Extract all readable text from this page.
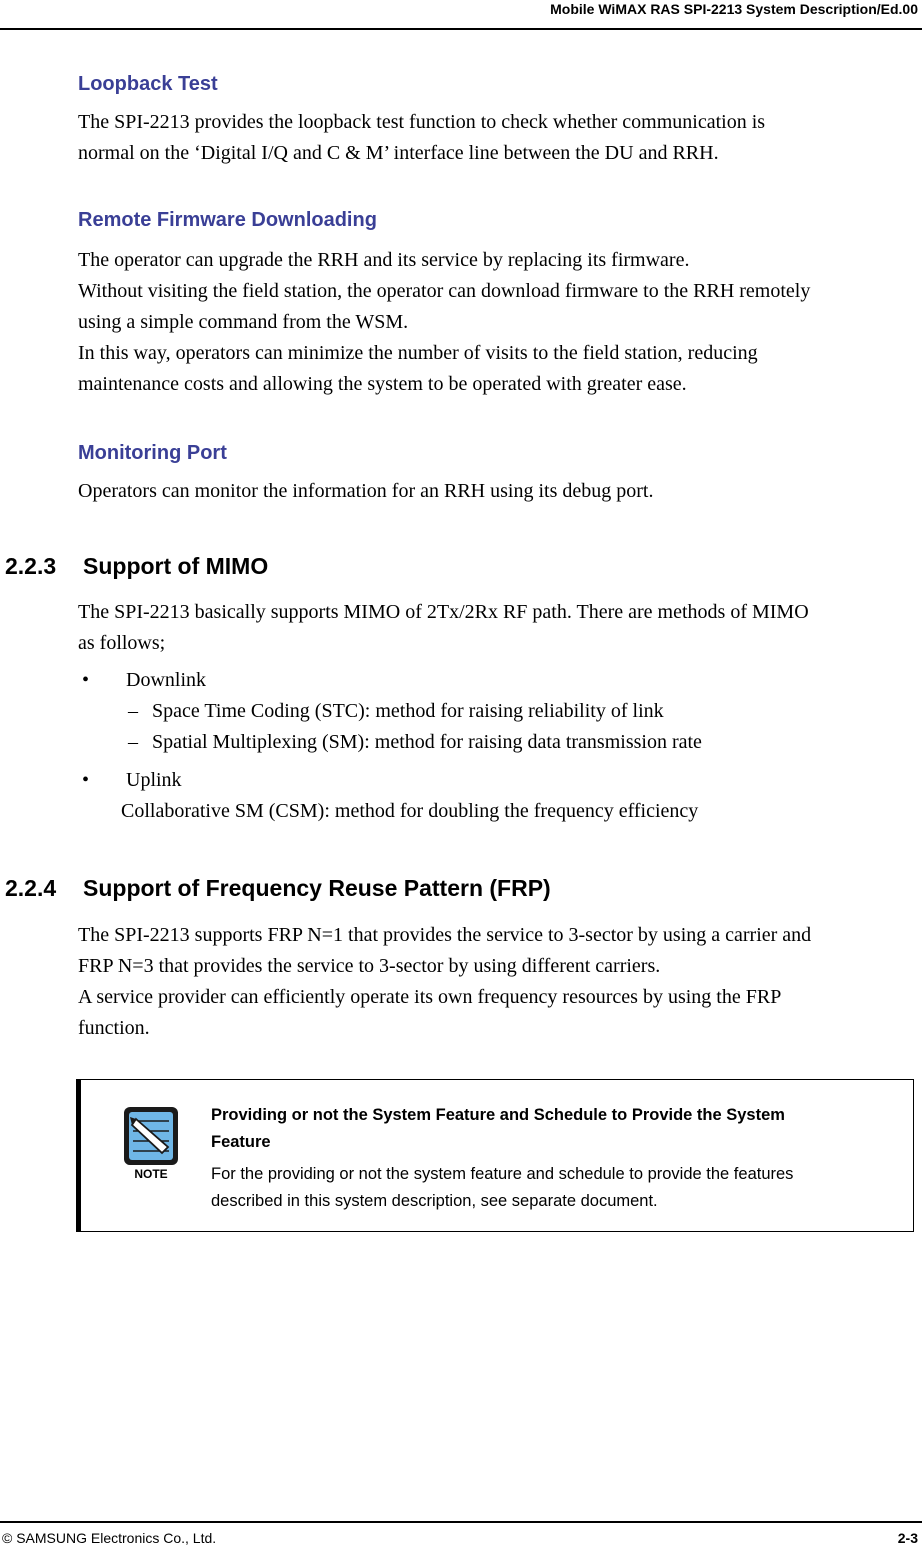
Mobile WiMAX RAS SPI-2213 System Description/Ed.00
Loopback Test

The SPI-2213 provides the loopback test function to check whether communication is

normal on the ‘Digital I/Q and C & M’ interface line between the DU and RRH.

Remote Firmware Downloading

The operator can upgrade the RRH and its service by replacing its firmware.

Without visiting the field station, the operator can download firmware to the RRH remotely

using a simple command from the WSM.

In this way, operators can minimize the number of visits to the field station, reducing

maintenance costs and allowing the system to be operated with greater ease.

Monitoring Port

Operators can monitor the information for an RRH using its debug port.

2.2.3 Support of MIMO

The SPI-2213 basically supports MIMO of 2Tx/2Rx RF path. There are methods of MIMO

as follows;

• Downlink
– Space Time Coding (STC): method for raising reliability of link
– Spatial Multiplexing (SM): method for raising data transmission rate
• Uplink
Collaborative SM (CSM): method for doubling the frequency efficiency
2.2.4 Support of Frequency Reuse Pattern (FRP)

The SPI-2213 supports FRP N=1 that provides the service to 3-sector by using a carrier and

FRP N=3 that provides the service to 3-sector by using different carriers.

A service provider can efficiently operate its own frequency resources by using the FRP

function.

NOTE
Providing or not the System Feature and Schedule to Provide the System
Feature
For the providing or not the system feature and schedule to provide the features
described in this system description, see separate document.
© SAMSUNG Electronics Co., Ltd.	2-3
